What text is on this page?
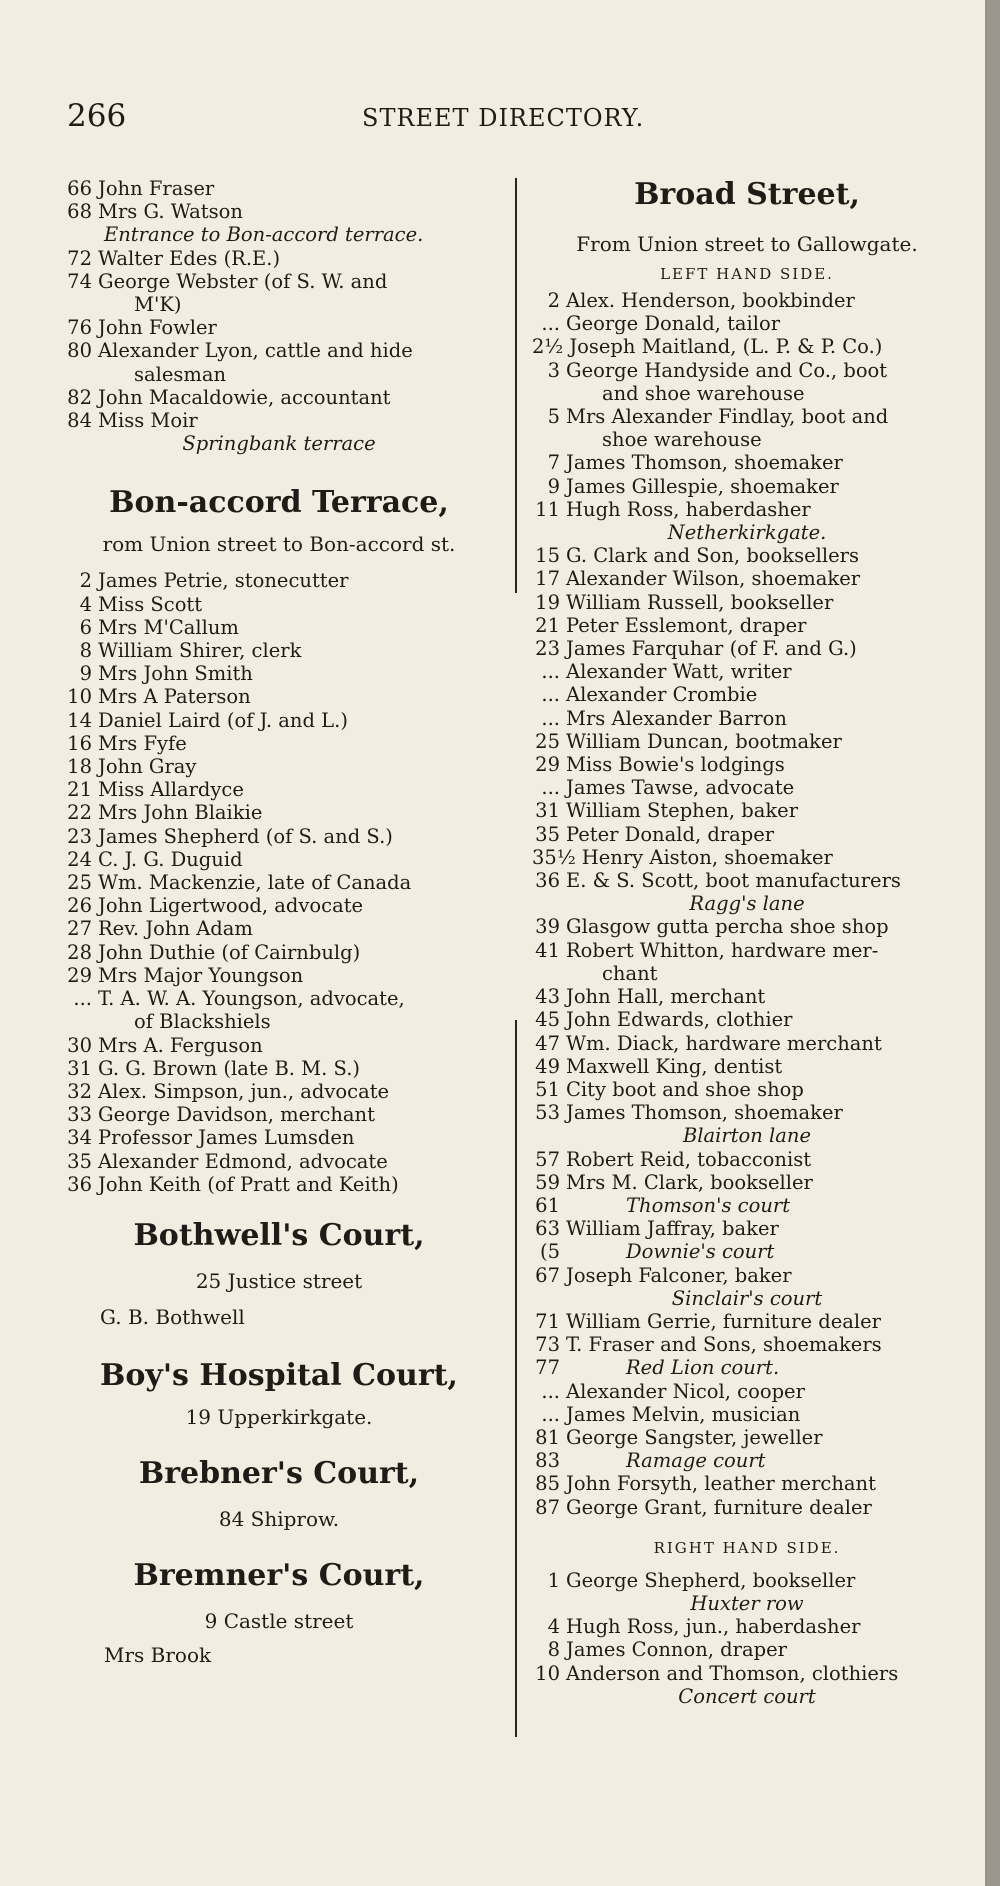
266	STREET DIRECTORY.
66 John Fraser
68 Mrs G. Watson
Entrance to Bon-accord terrace.
72 Walter Edes (R.E.)
74 George Webster (of S. W. and
M'K)
76 John Fowler
80 Alexander Lyon, cattle and hide
salesman
82 John Macaldowie, accountant
84 Miss Moir
Springbank terrace
Bon-accord Terrace,
rom Union street to Bon-accord st.
2 James Petrie, stonecutter
4 Miss Scott
6 Mrs M'Callum
8 William Shirer, clerk
9 Mrs John Smith
10 Mrs A Paterson
14 Daniel Laird (of J. and L.)
16 Mrs Fyfe
18 John Gray
21 Miss Allardyce
22 Mrs John Blaikie
23 James Shepherd (of S. and S.)
24 C. J. G. Duguid
25 Wm. Mackenzie, late of Canada
26 John Ligertwood, advocate
27 Rev. John Adam
28 John Duthie (of Cairnbulg)
29 Mrs Major Youngson
... T. A. W. A. Youngson, advocate,
of Blackshiels
30 Mrs A. Ferguson
31 G. G. Brown (late B. M. S.)
32 Alex. Simpson, jun., advocate
33 George Davidson, merchant
34 Professor James Lumsden
35 Alexander Edmond, advocate
36 John Keith (of Pratt and Keith)
Bothwell's Court,
25 Justice street
G. B. Bothwell
Boy's Hospital Court,
19 Upperkirkgate.
Brebner's Court,
84 Shiprow.
Bremner's Court,
9 Castle street
Mrs Brook
Broad Street,
From Union street to Gallowgate.
LEFT HAND SIDE.
2 Alex. Henderson, bookbinder
... George Donald, tailor
2½ Joseph Maitland, (L. P. & P. Co.)
3 George Handyside and Co., boot
and shoe warehouse
5 Mrs Alexander Findlay, boot and
shoe warehouse
7 James Thomson, shoemaker
9 James Gillespie, shoemaker
11 Hugh Ross, haberdasher
Netherkirkgate.
15 G. Clark and Son, booksellers
17 Alexander Wilson, shoemaker
19 William Russell, bookseller
21 Peter Esslemont, draper
23 James Farquhar (of F. and G.)
... Alexander Watt, writer
... Alexander Crombie
... Mrs Alexander Barron
25 William Duncan, bootmaker
29 Miss Bowie's lodgings
... James Tawse, advocate
31 William Stephen, baker
35 Peter Donald, draper
35½ Henry Aiston, shoemaker
36 E. & S. Scott, boot manufacturers
Ragg's lane
39 Glasgow gutta percha shoe shop
41 Robert Whitton, hardware mer-
chant
43 John Hall, merchant
45 John Edwards, clothier
47 Wm. Diack, hardware merchant
49 Maxwell King, dentist
51 City boot and shoe shop
53 James Thomson, shoemaker
Blairton lane
57 Robert Reid, tobacconist
59 Mrs M. Clark, bookseller
61	Thomson's court
63 William Jaffray, baker
(5	Downie's court
67 Joseph Falconer, baker
Sinclair's court
71 William Gerrie, furniture dealer
73 T. Fraser and Sons, shoemakers
77	Red Lion court.
... Alexander Nicol, cooper
... James Melvin, musician
81 George Sangster, jeweller
83	Ramage court
85 John Forsyth, leather merchant
87 George Grant, furniture dealer
RIGHT HAND SIDE.
1 George Shepherd, bookseller
Huxter row
4 Hugh Ross, jun., haberdasher
8 James Connon, draper
10 Anderson and Thomson, clothiers
Concert court
